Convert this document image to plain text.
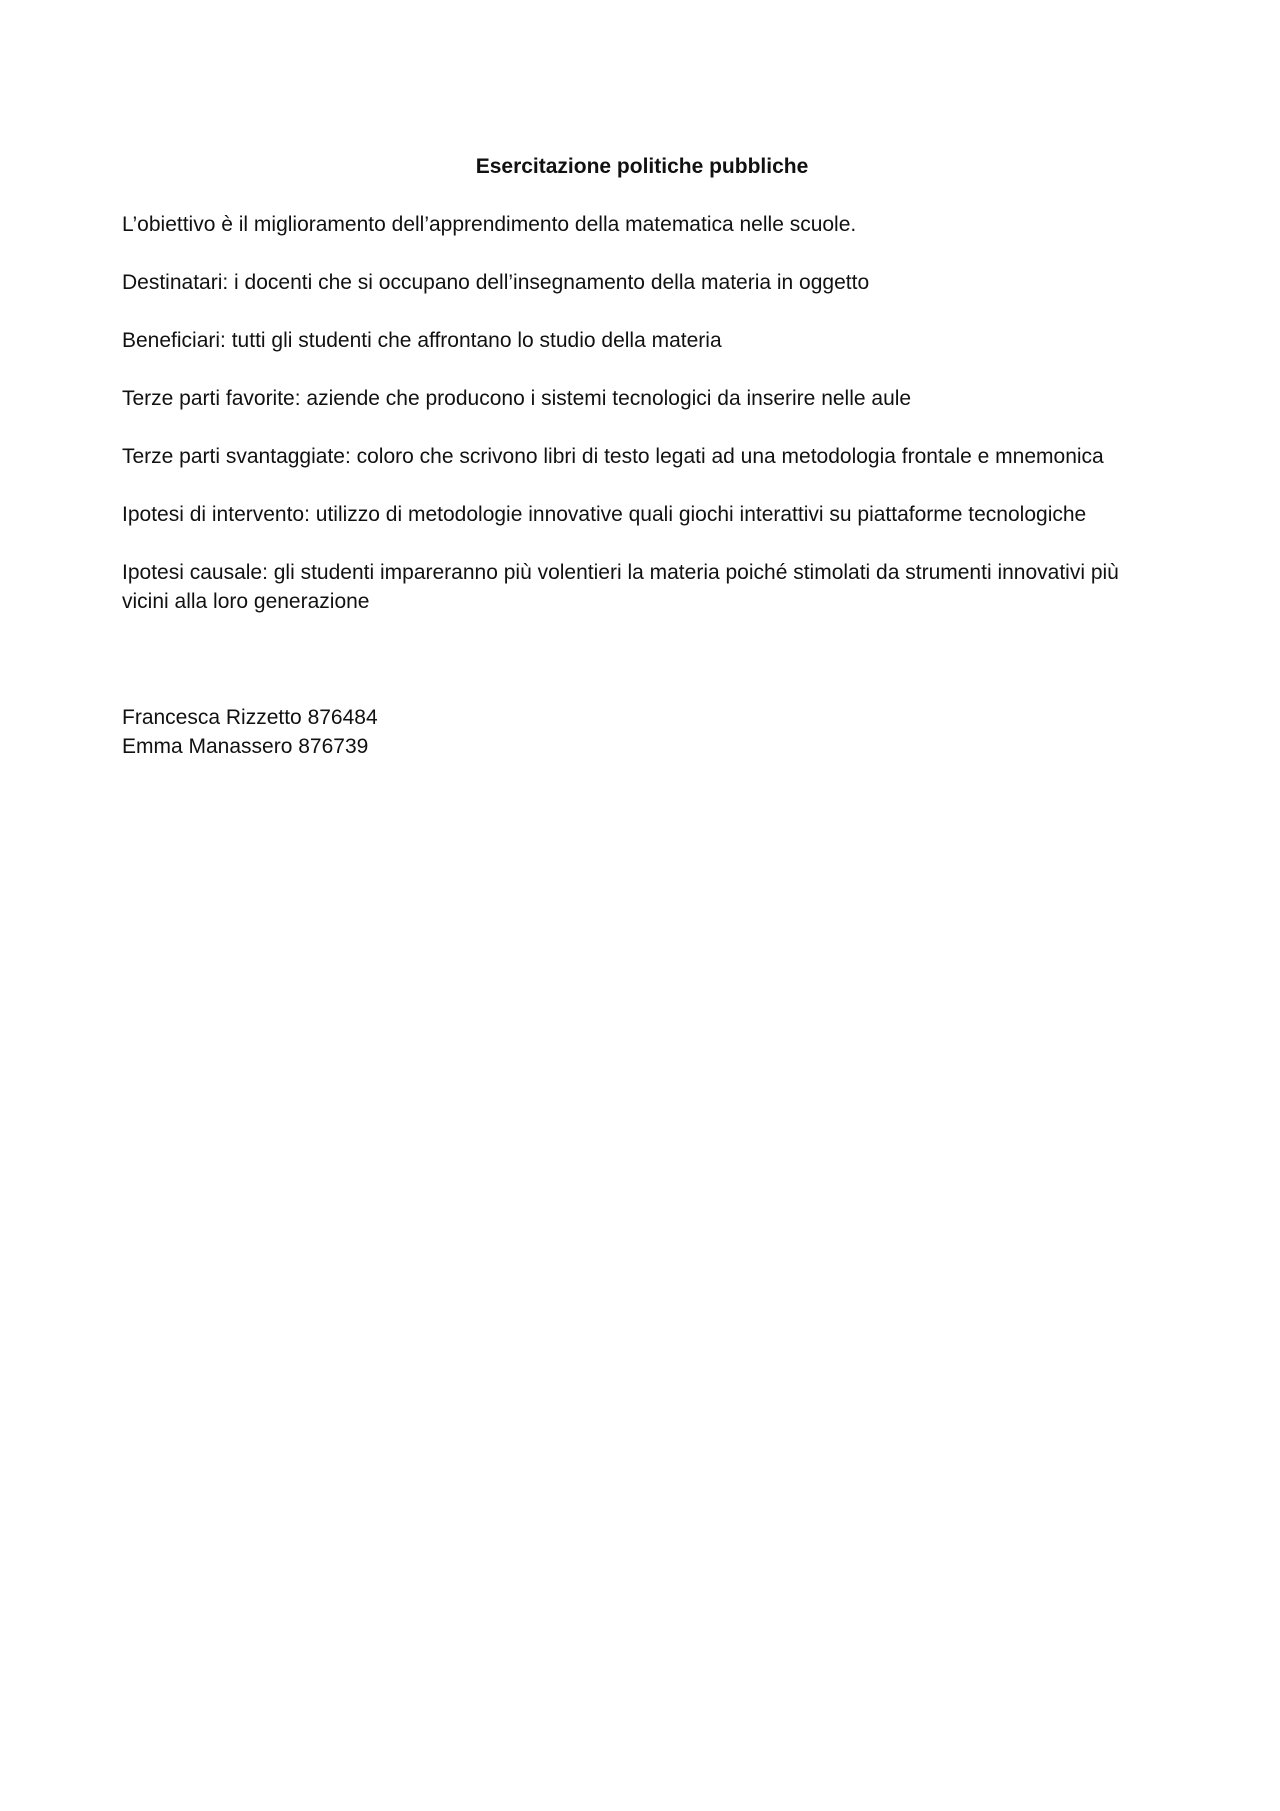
Esercitazione politiche pubbliche
L’obiettivo è il miglioramento dell’apprendimento della matematica nelle scuole.
Destinatari: i docenti che si occupano dell’insegnamento della materia in oggetto
Beneficiari: tutti gli studenti che affrontano lo studio della materia
Terze parti favorite: aziende che producono i sistemi tecnologici da inserire nelle aule
Terze parti svantaggiate: coloro che scrivono libri di testo legati ad una metodologia frontale e mnemonica
Ipotesi di intervento: utilizzo di metodologie innovative quali giochi interattivi su piattaforme tecnologiche
Ipotesi causale: gli studenti impareranno più volentieri la materia poiché stimolati da strumenti innovativi più vicini alla loro generazione
Francesca Rizzetto 876484
Emma Manassero 876739
